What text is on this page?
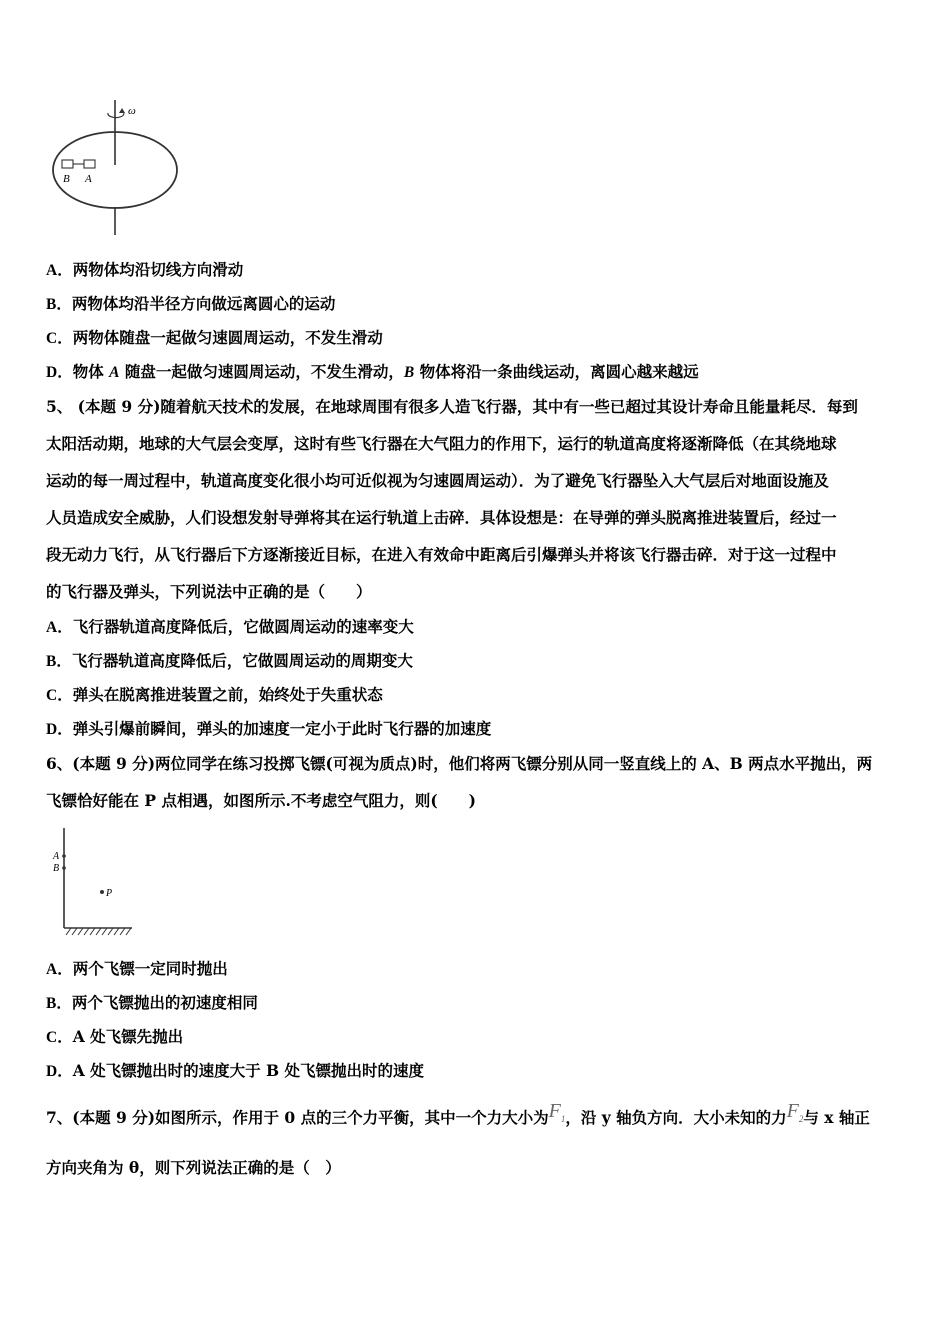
ω
B A
A．两物体均沿切线方向滑动
B．两物体均沿半径方向做远离圆心的运动
C．两物体随盘一起做匀速圆周运动，不发生滑动
D．物体 A 随盘一起做匀速圆周运动，不发生滑动，B 物体将沿一条曲线运动，离圆心越来越远
5、 (本题 9 分)随着航天技术的发展，在地球周围有很多人造飞行器，其中有一些已超过其设计寿命且能量耗尽．每到
太阳活动期，地球的大气层会变厚，这时有些飞行器在大气阻力的作用下，运行的轨道高度将逐渐降低（在其绕地球
运动的每一周过程中，轨道高度变化很小均可近似视为匀速圆周运动）．为了避免飞行器坠入大气层后对地面设施及
人员造成安全威胁，人们设想发射导弹将其在运行轨道上击碎．具体设想是：在导弹的弹头脱离推进装置后，经过一
段无动力飞行，从飞行器后下方逐渐接近目标，在进入有效命中距离后引爆弹头并将该飞行器击碎．对于这一过程中
的飞行器及弹头，下列说法中正确的是（　　）
A．飞行器轨道高度降低后，它做圆周运动的速率变大
B．飞行器轨道高度降低后，它做圆周运动的周期变大
C．弹头在脱离推进装置之前，始终处于失重状态
D．弹头引爆前瞬间，弹头的加速度一定小于此时飞行器的加速度
6、(本题 9 分)两位同学在练习投掷飞镖(可视为质点)时，他们将两飞镖分别从同一竖直线上的 A、B 两点水平抛出，两
飞镖恰好能在 P 点相遇，如图所示.不考虑空气阻力，则(　　)
A
B
P
A．两个飞镖一定同时抛出
B．两个飞镖抛出的初速度相同
C．A 处飞镖先抛出
D．A 处飞镖抛出时的速度大于 B 处飞镖抛出时的速度
7、(本题 9 分)如图所示，作用于 0 点的三个力平衡，其中一个力大小为$F_1$，沿 y 轴负方向．大小未知的力$F_2$与 x 轴正
方向夹角为 θ，则下列说法正确的是（　）
